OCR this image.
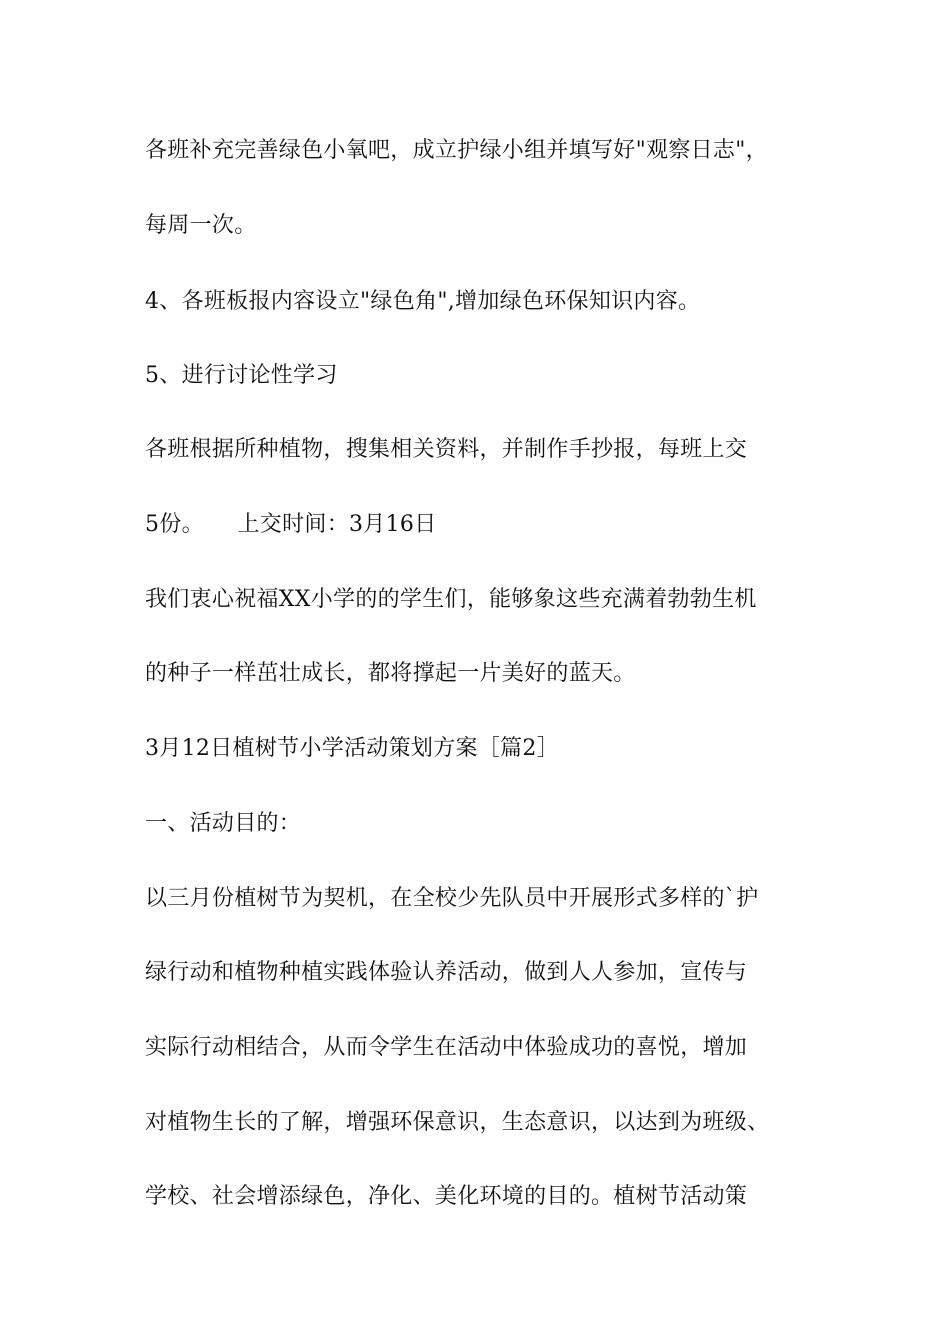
各班补充完善绿色小氧吧，成立护绿小组并填写好"观察日志"，
每周一次。
4、各班板报内容设立"绿色角",增加绿色环保知识内容。
5、进行讨论性学习
各班根据所种植物，搜集相关资料，并制作手抄报，每班上交
5份。　　上交时间：3月16日
我们衷心祝福XX小学的的学生们，能够象这些充满着勃勃生机
的种子一样茁壮成长，都将撑起一片美好的蓝天。
3月12日植树节小学活动策划方案［篇2］
一、活动目的：
以三月份植树节为契机，在全校少先队员中开展形式多样的`护
绿行动和植物种植实践体验认养活动，做到人人参加，宣传与
实际行动相结合，从而令学生在活动中体验成功的喜悦，增加
对植物生长的了解，增强环保意识，生态意识，以达到为班级、
学校、社会增添绿色，净化、美化环境的目的。植树节活动策
